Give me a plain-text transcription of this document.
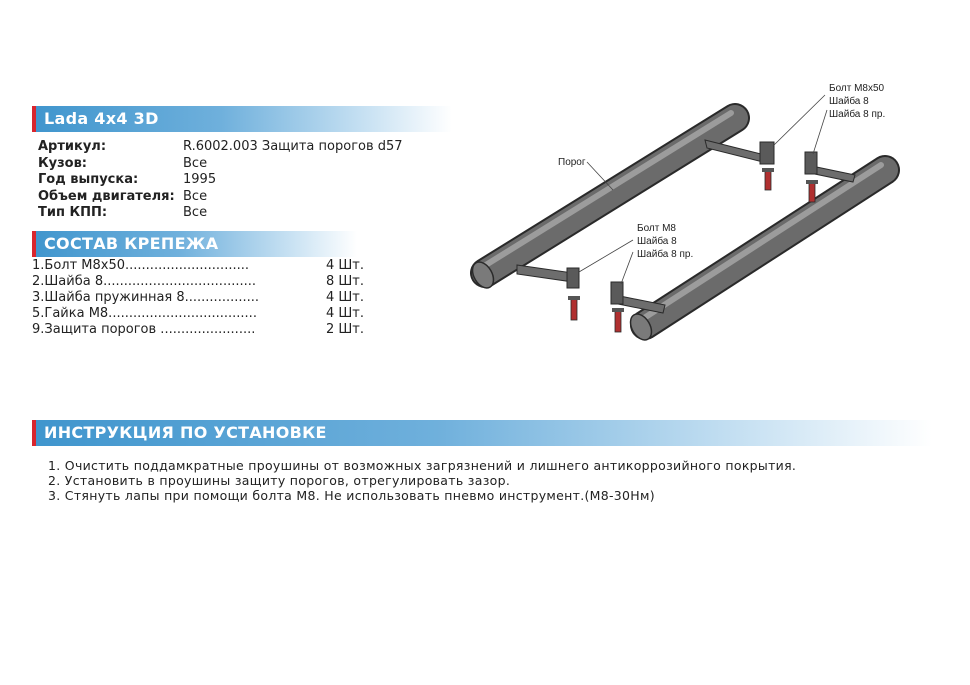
Lada 4x4 3D
Артикул:	R.6002.003 Защита порогов d57
Кузов:	Все
Год выпуска:	1995
Объем двигателя: Все
Тип КПП:	Все
СОСТАВ КРЕПЕЖА
1.Болт М8х50..............................	4 Шт.
2.Шайба 8.....................................	8 Шт.
3.Шайба пружинная 8..................	4 Шт.
5.Гайка М8....................................	4 Шт.
9.Защита порогов .......................	2 Шт.
Болт М8х50
Шайба 8
Шайба 8 пр.
Болт М8
Шайба 8
Шайба 8 пр.
Порог
ИНСТРУКЦИЯ ПО УСТАНОВКЕ
1. Очистить поддамкратные проушины от возможных загрязнений и лишнего антикоррозийного покрытия.
2. Установить в проушины защиту порогов, отрегулировать зазор.
3. Стянуть лапы при помощи болта М8. Не использовать пневмо инструмент.(М8-30Нм)
